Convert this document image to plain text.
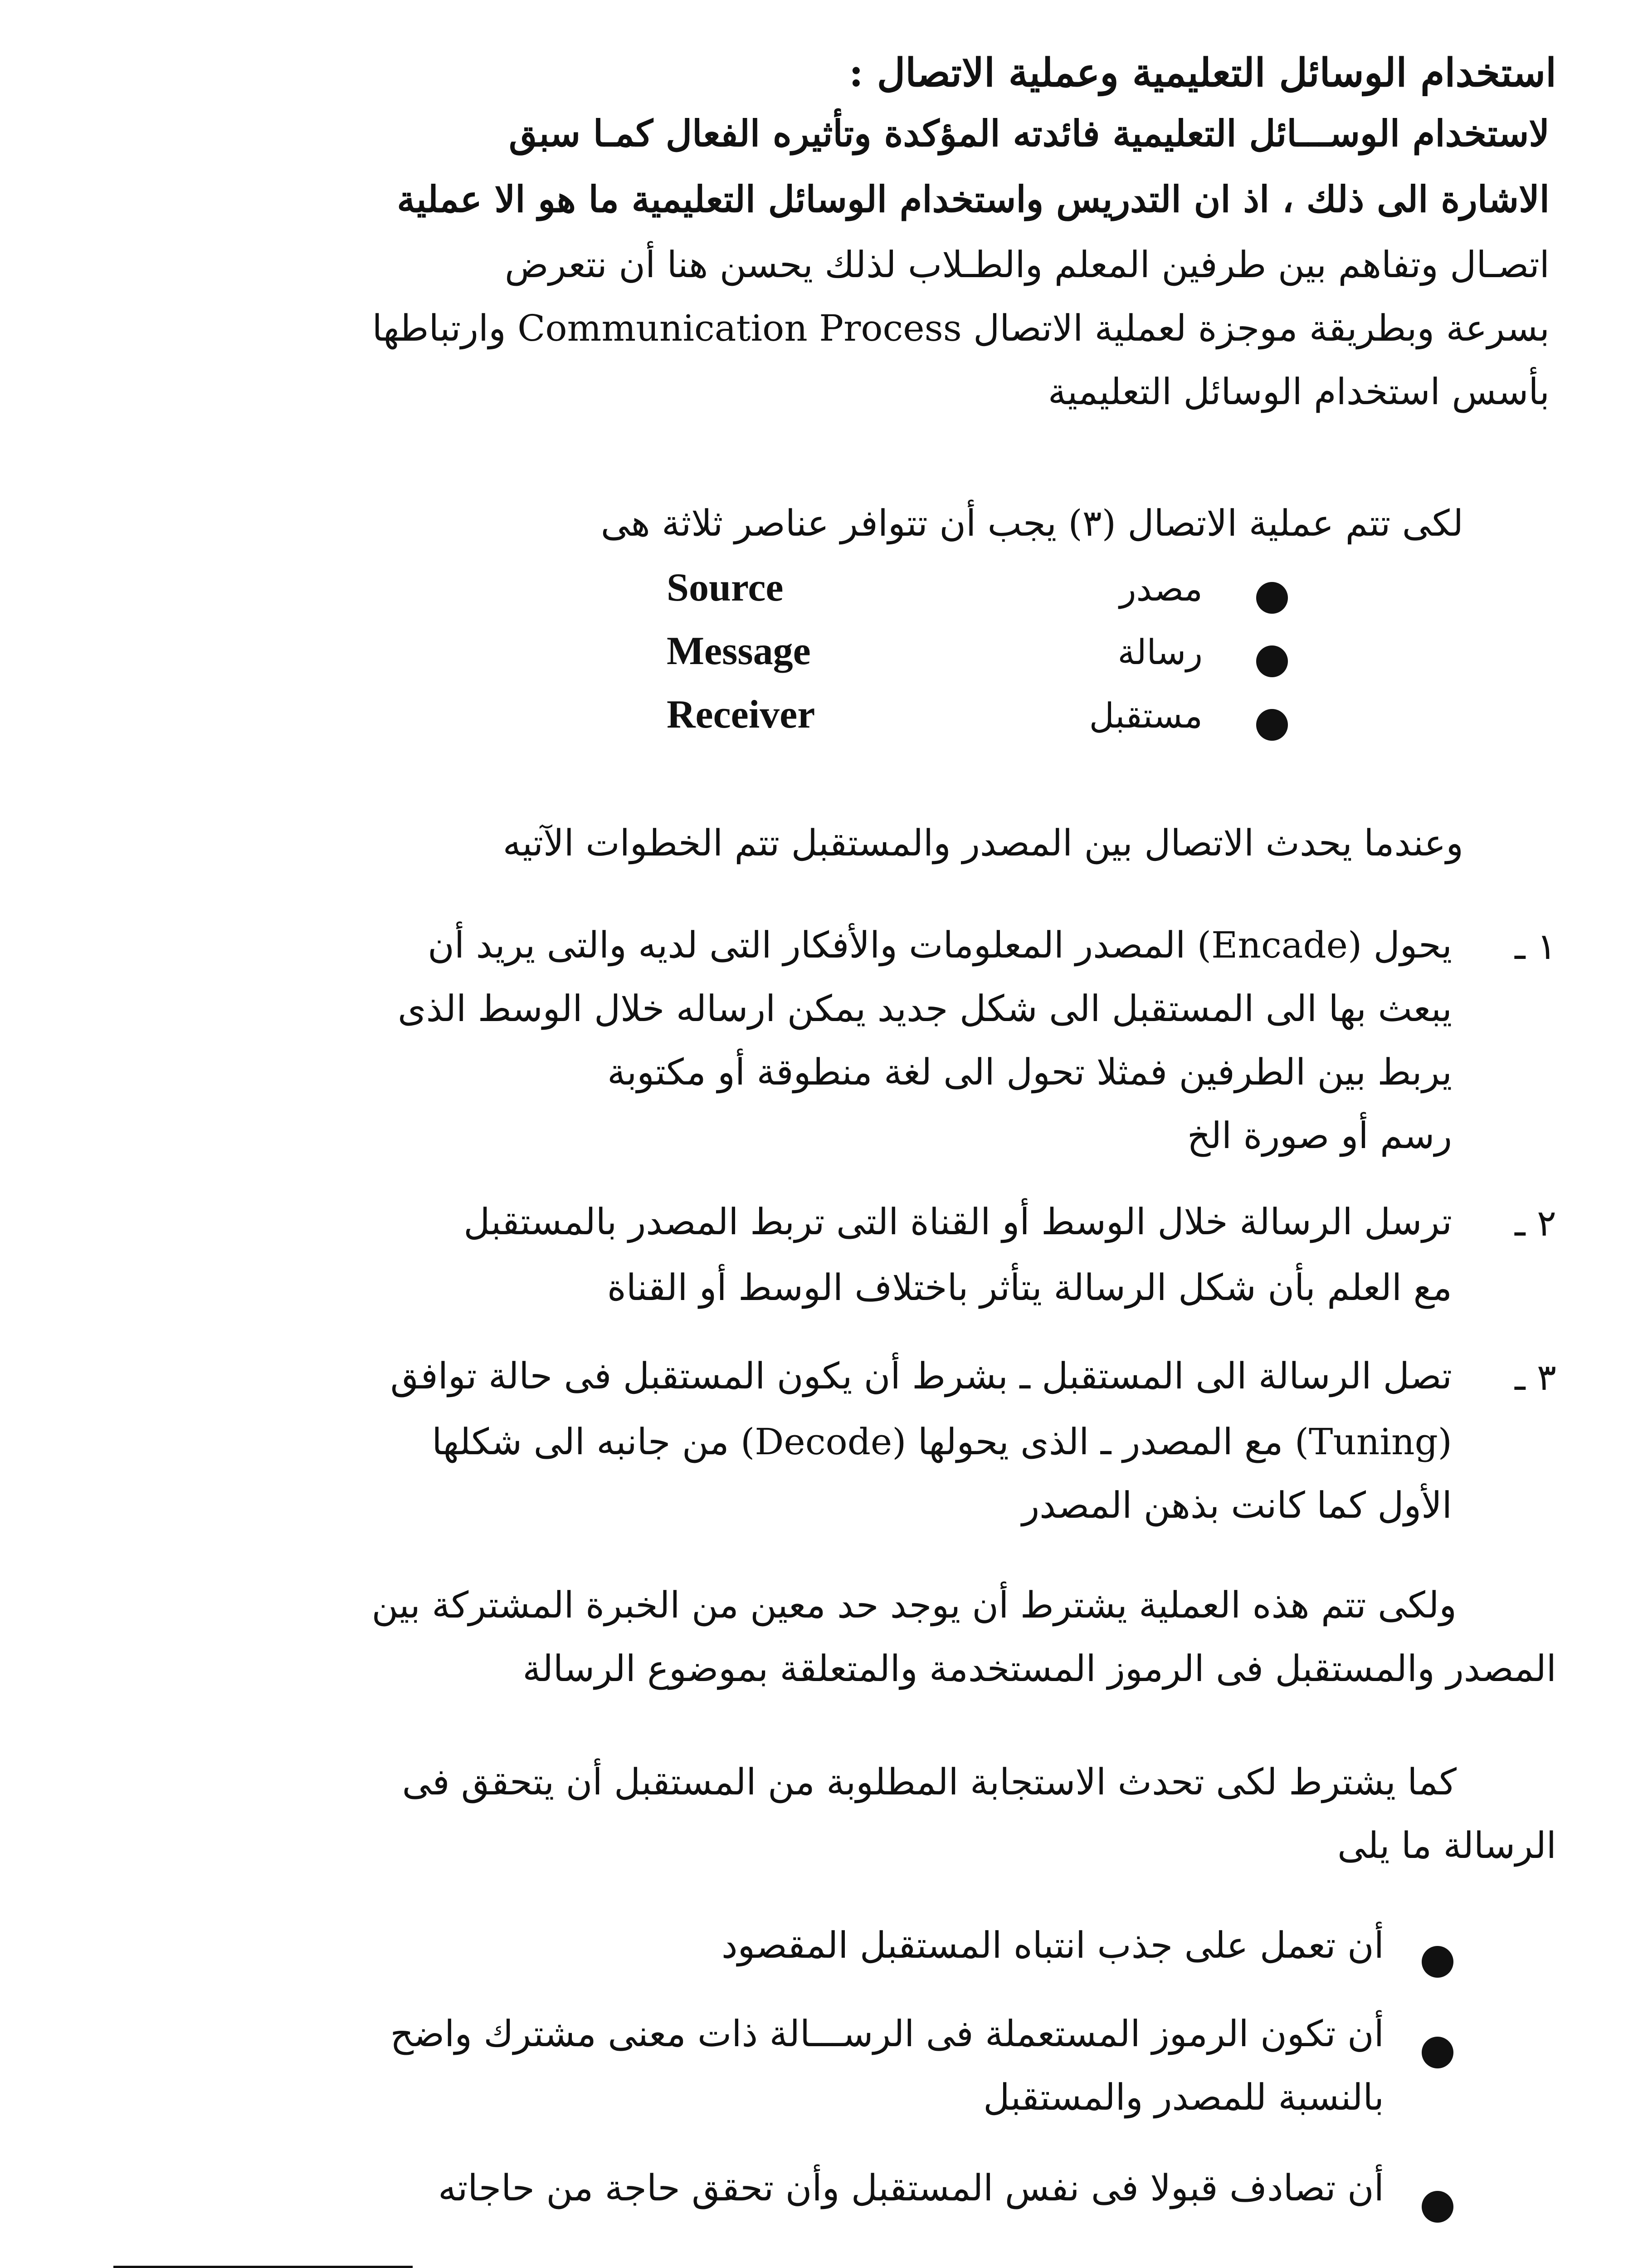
استخدام الوسائل التعليمية وعملية الاتصال :
لاستخدام الوســـائل التعليمية فائدته المؤكدة وتأثيره الفعال كمـا سبق
الاشارة الى ذلك ، اذ ان التدريس واستخدام الوسائل التعليمية ما هو الا عملية
اتصـال وتفاهم بين طرفين المعلم والطـلاب لذلك يحسن هنا أن نتعرض
بسرعة وبطريقة موجزة لعملية الاتصال Communication Process وارتباطها
بأسس استخدام الوسائل التعليمية
لكى تتم عملية الاتصال (٣) يجب أن تتوافر عناصر ثلاثة هى
Source	مصدر
Message	رسالة
Receiver	مستقبل
وعندما يحدث الاتصال بين المصدر والمستقبل تتم الخطوات الآتيه
١ ـ
يحول (Encade) المصدر المعلومات والأفكار التى لديه والتى يريد أن
يبعث بها الى المستقبل الى شكل جديد يمكن ارساله خلال الوسط الذى
يربط بين الطرفين فمثلا تحول الى لغة منطوقة أو مكتوبة
رسم أو صورة الخ
٢ ـ
ترسل الرسالة خلال الوسط أو القناة التى تربط المصدر بالمستقبل
مع العلم بأن شكل الرسالة يتأثر باختلاف الوسط أو القناة
٣ ـ
تصل الرسالة الى المستقبل ـ بشرط أن يكون المستقبل فى حالة توافق
(Tuning) مع المصدر ـ الذى يحولها (Decode) من جانبه الى شكلها
الأول كما كانت بذهن المصدر
ولكى تتم هذه العملية يشترط أن يوجد حد معين من الخبرة المشتركة بين
المصدر والمستقبل فى الرموز المستخدمة والمتعلقة بموضوع الرسالة
كما يشترط لكى تحدث الاستجابة المطلوبة من المستقبل أن يتحقق فى
الرسالة ما يلى
أن تعمل على جذب انتباه المستقبل المقصود
أن تكون الرموز المستعملة فى الرســـالة ذات معنى مشترك واضح
بالنسبة للمصدر والمستقبل
أن تصادف قبولا فى نفس المستقبل وأن تحقق حاجة من حاجاته
